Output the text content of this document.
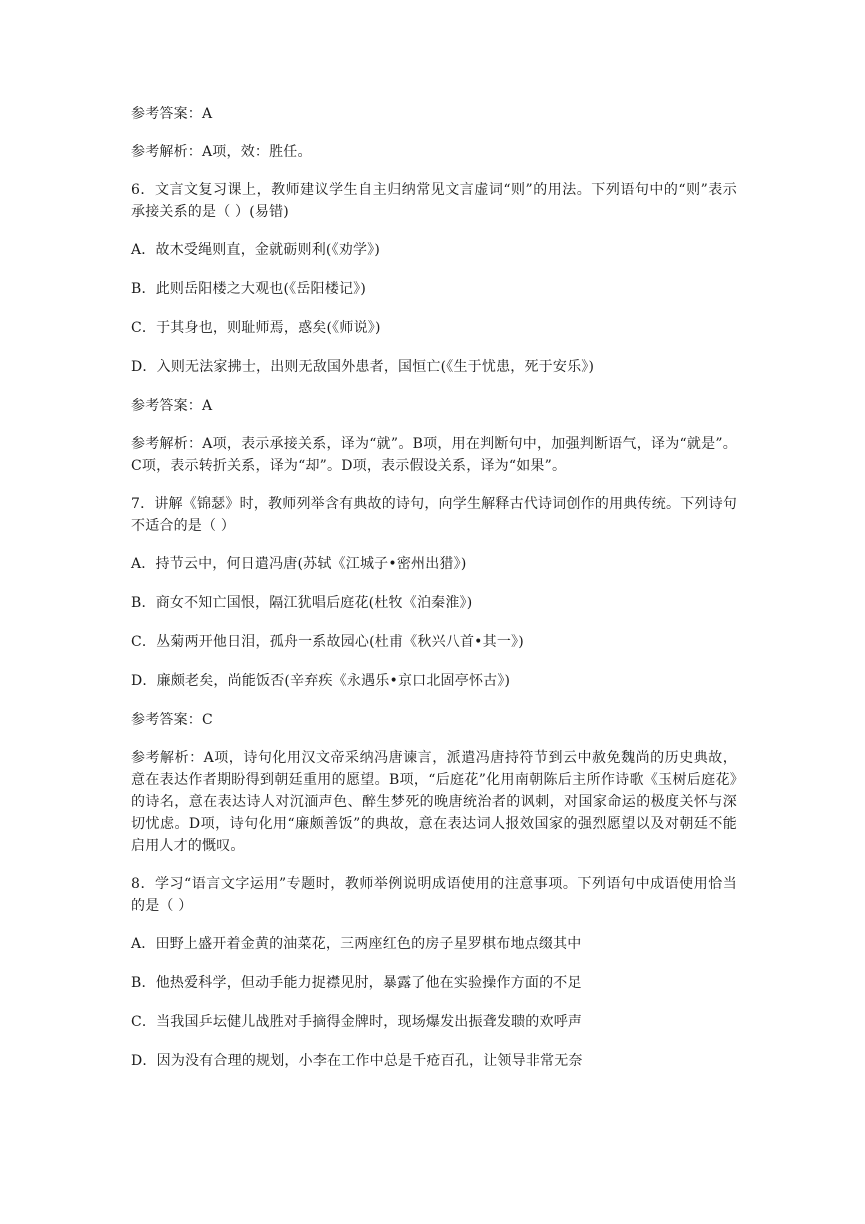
参考答案：A

参考解析：A项，效：胜任。

6．文言文复习课上，教师建议学生自主归纳常见文言虚词“则”的用法。下列语句中的“则”表示承接关系的是（ ）(易错)

A．故木受绳则直，金就砺则利(《劝学》)

B．此则岳阳楼之大观也(《岳阳楼记》)

C．于其身也，则耻师焉，惑矣(《师说》)

D．入则无法家拂士，出则无敌国外患者，国恒亡(《生于忧患，死于安乐》)

参考答案：A

参考解析：A项，表示承接关系，译为“就”。B项，用在判断句中，加强判断语气，译为“就是”。C项，表示转折关系，译为“却”。D项，表示假设关系，译为“如果”。

7．讲解《锦瑟》时，教师列举含有典故的诗句，向学生解释古代诗词创作的用典传统。下列诗句不适合的是（ ）

A．持节云中，何日遣冯唐(苏轼《江城子•密州出猎》)

B．商女不知亡国恨，隔江犹唱后庭花(杜牧《泊秦淮》)

C．丛菊两开他日泪，孤舟一系故园心(杜甫《秋兴八首•其一》)

D．廉颇老矣，尚能饭否(辛弃疾《永遇乐•京口北固亭怀古》)

参考答案：C

参考解析：A项，诗句化用汉文帝采纳冯唐谏言，派遣冯唐持符节到云中赦免魏尚的历史典故，意在表达作者期盼得到朝廷重用的愿望。B项，“后庭花”化用南朝陈后主所作诗歌《玉树后庭花》的诗名，意在表达诗人对沉湎声色、醉生梦死的晚唐统治者的讽刺，对国家命运的极度关怀与深切忧虑。D项，诗句化用“廉颇善饭”的典故，意在表达词人报效国家的强烈愿望以及对朝廷不能启用人才的慨叹。

8．学习“语言文字运用”专题时，教师举例说明成语使用的注意事项。下列语句中成语使用恰当的是（ ）

A．田野上盛开着金黄的油菜花，三两座红色的房子星罗棋布地点缀其中

B．他热爱科学，但动手能力捉襟见肘，暴露了他在实验操作方面的不足

C．当我国乒坛健儿战胜对手摘得金牌时，现场爆发出振聋发聩的欢呼声

D．因为没有合理的规划，小李在工作中总是千疮百孔，让领导非常无奈
